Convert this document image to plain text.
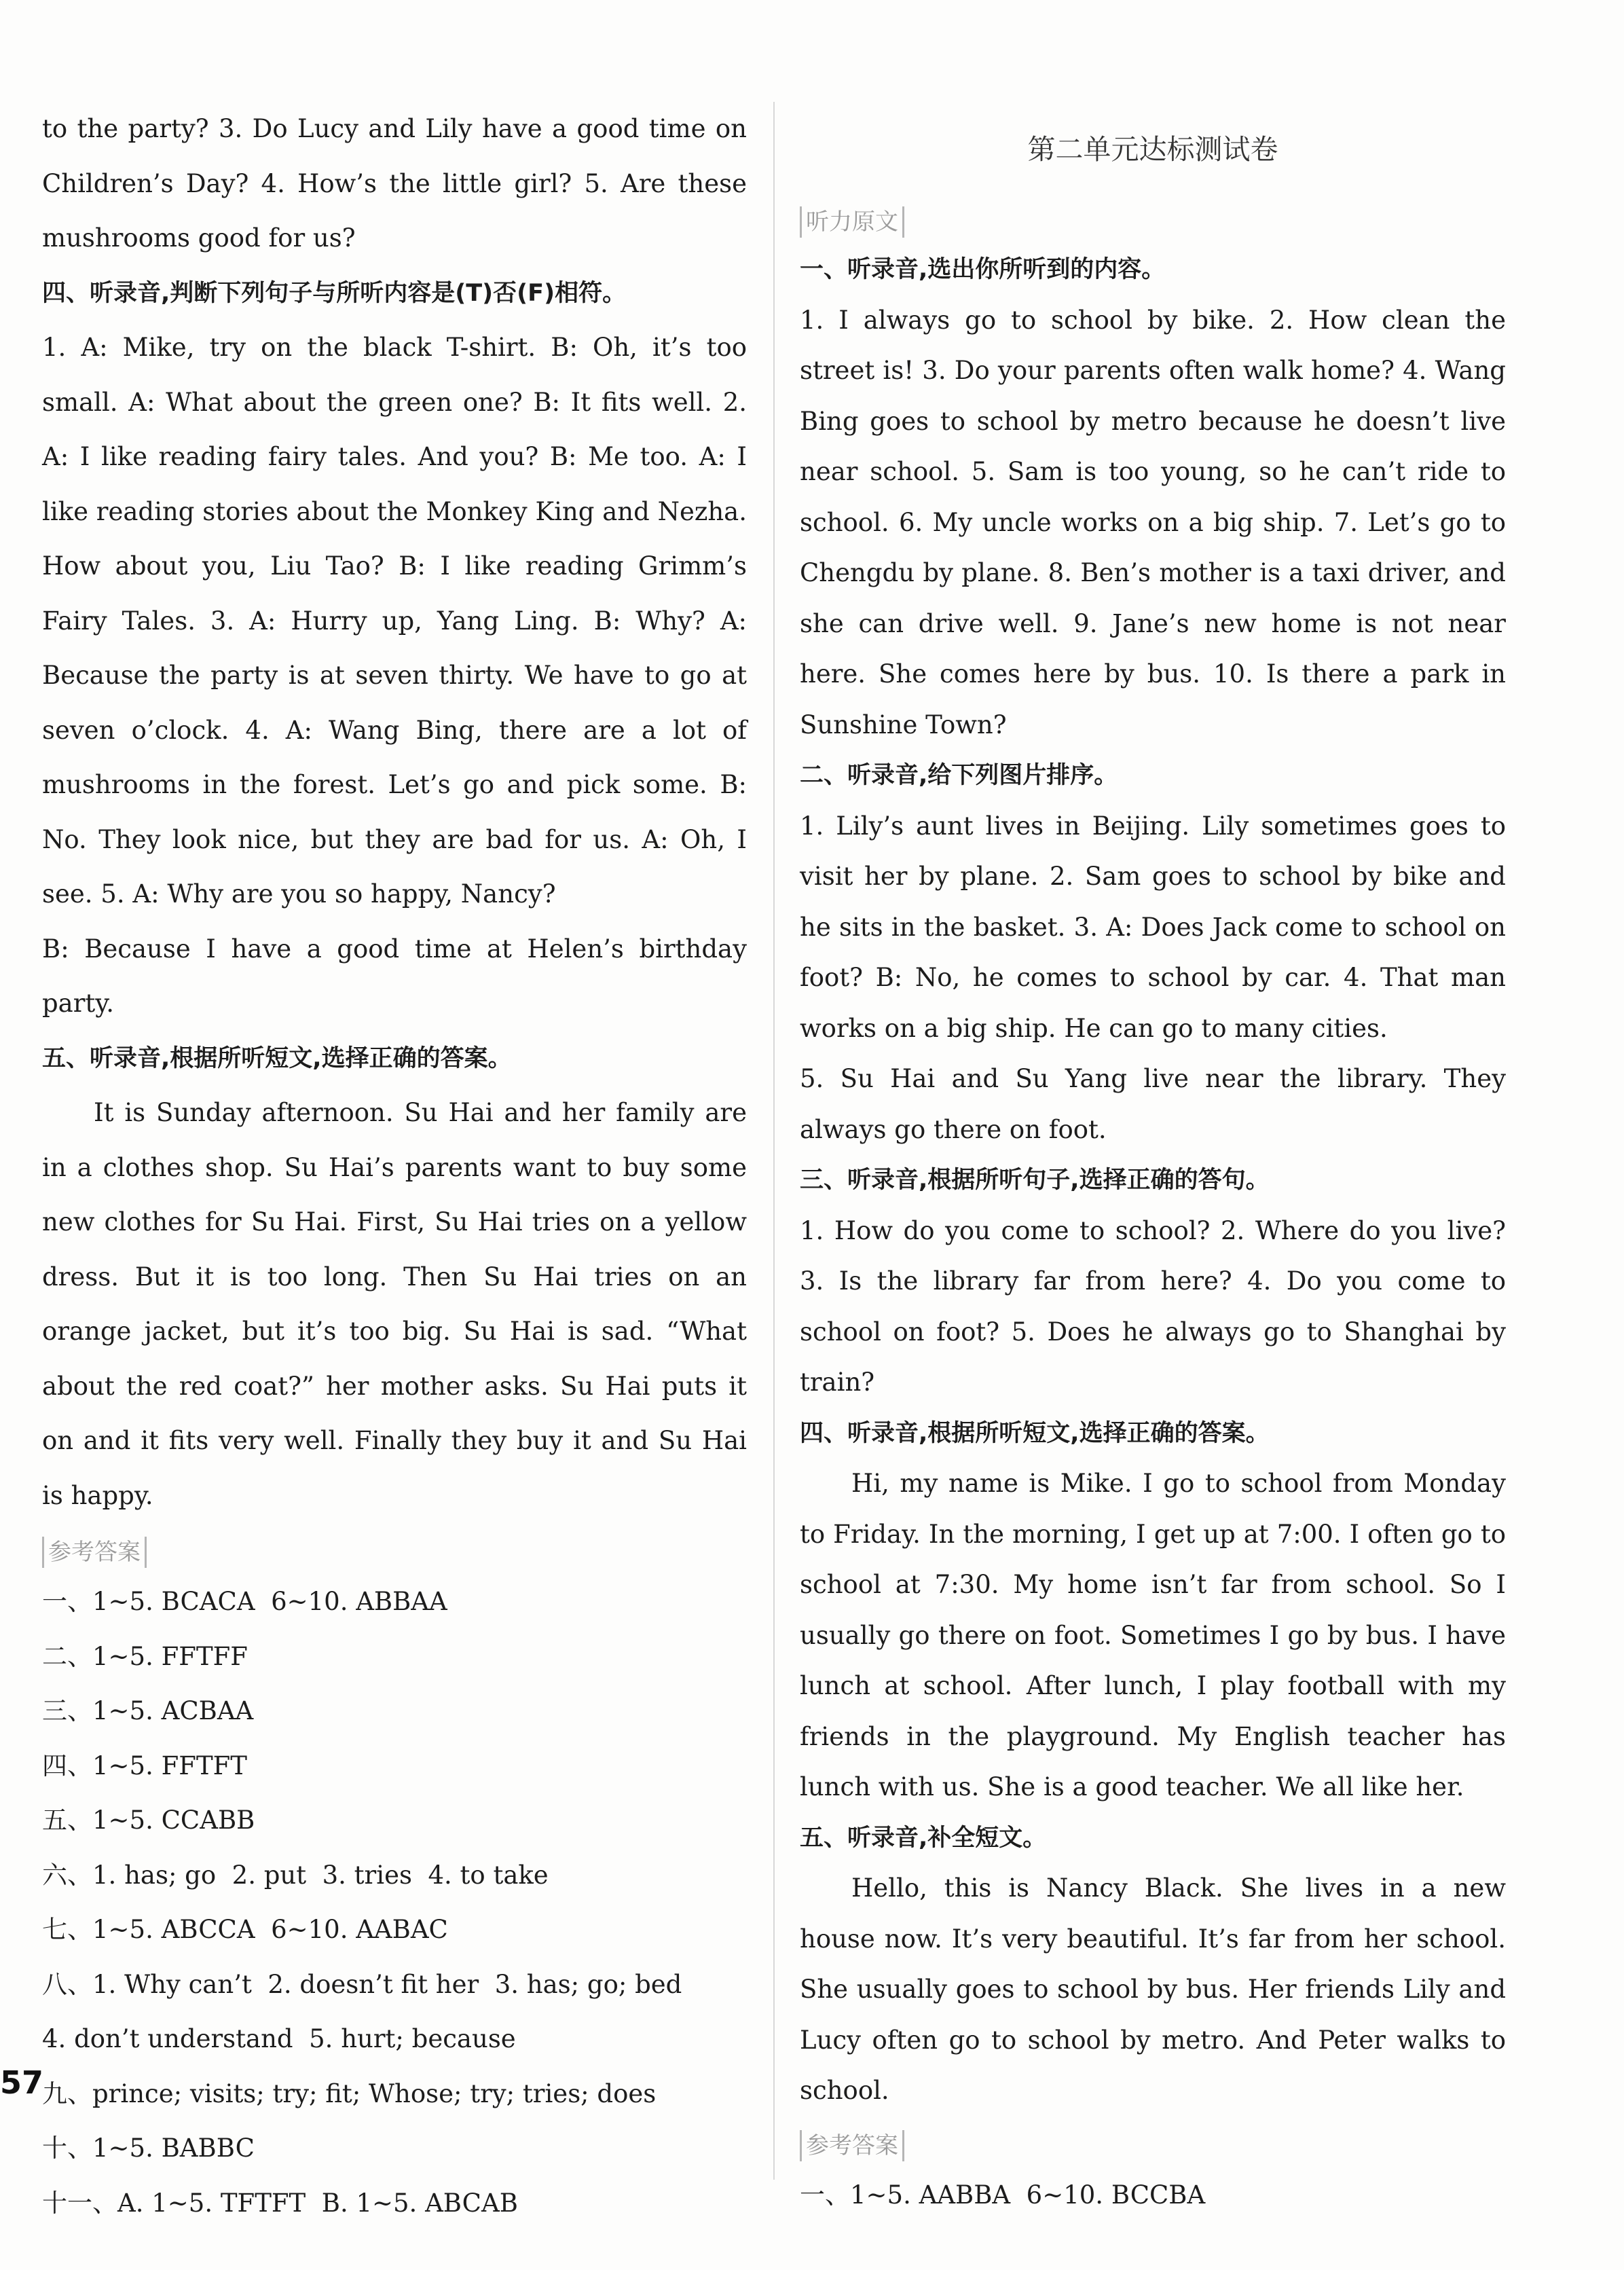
to the party? 3. Do Lucy and Lily have a good time on Children’s Day? 4. How’s the little girl? 5. Are these mushrooms good for us?

四、听录音,判断下列句子与所听内容是(T)否(F)相符。

1. A: Mike, try on the black T-shirt. B: Oh, it’s too small. A: What about the green one? B: It fits well. 2. A: I like reading fairy tales. And you? B: Me too. A: I like reading stories about the Monkey King and Nezha. How about you, Liu Tao? B: I like reading Grimm’s Fairy Tales. 3. A: Hurry up, Yang Ling. B: Why? A: Because the party is at seven thirty. We have to go at seven o’clock. 4. A: Wang Bing, there are a lot of mushrooms in the forest. Let’s go and pick some. B: No. They look nice, but they are bad for us. A: Oh, I see. 5. A: Why are you so happy, Nancy?
B: Because I have a good time at Helen’s birthday party.

五、听录音,根据所听短文,选择正确的答案。

It is Sunday afternoon. Su Hai and her family are in a clothes shop. Su Hai’s parents want to buy some new clothes for Su Hai. First, Su Hai tries on a yellow dress. But it is too long. Then Su Hai tries on an orange jacket, but it’s too big. Su Hai is sad. “What about the red coat?” her mother asks. Su Hai puts it on and it fits very well. Finally they buy it and Su Hai is happy.

参考答案

一、1~5. BCACA  6~10. ABBAA

二、1~5. FFTFF

三、1~5. ACBAA

四、1~5. FFTFT

五、1~5. CCABB

六、1. has; go  2. put  3. tries  4. to take

七、1~5. ABCCA  6~10. AABAC

八、1. Why can’t  2. doesn’t fit her  3. has; go; bed

4. don’t understand  5. hurt; because

九、prince; visits; try; fit; Whose; try; tries; does

十、1~5. BABBC

十一、A. 1~5. TFTFT  B. 1~5. ABCAB

第二单元达标测试卷

听力原文

一、听录音,选出你所听到的内容。

1. I always go to school by bike. 2. How clean the street is! 3. Do your parents often walk home? 4. Wang Bing goes to school by metro because he doesn’t live near school. 5. Sam is too young, so he can’t ride to school. 6. My uncle works on a big ship. 7. Let’s go to Chengdu by plane. 8. Ben’s mother is a taxi driver, and she can drive well. 9. Jane’s new home is not near here. She comes here by bus. 10. Is there a park in Sunshine Town?

二、听录音,给下列图片排序。

1. Lily’s aunt lives in Beijing. Lily sometimes goes to visit her by plane. 2. Sam goes to school by bike and he sits in the basket. 3. A: Does Jack come to school on foot? B: No, he comes to school by car. 4. That man works on a big ship. He can go to many cities.
5. Su Hai and Su Yang live near the library. They always go there on foot.

三、听录音,根据所听句子,选择正确的答句。

1. How do you come to school? 2. Where do you live? 3. Is the library far from here? 4. Do you come to school on foot? 5. Does he always go to Shanghai by train?

四、听录音,根据所听短文,选择正确的答案。

Hi, my name is Mike. I go to school from Monday to Friday. In the morning, I get up at 7:00. I often go to school at 7:30. My home isn’t far from school. So I usually go there on foot. Sometimes I go by bus. I have lunch at school. After lunch, I play football with my friends in the playground. My English teacher has lunch with us. She is a good teacher. We all like her.

五、听录音,补全短文。

Hello, this is Nancy Black. She lives in a new house now. It’s very beautiful. It’s far from her school. She usually goes to school by bus. Her friends Lily and Lucy often go to school by metro. And Peter walks to school.

参考答案

一、1~5. AABBA  6~10. BCCBA

57
